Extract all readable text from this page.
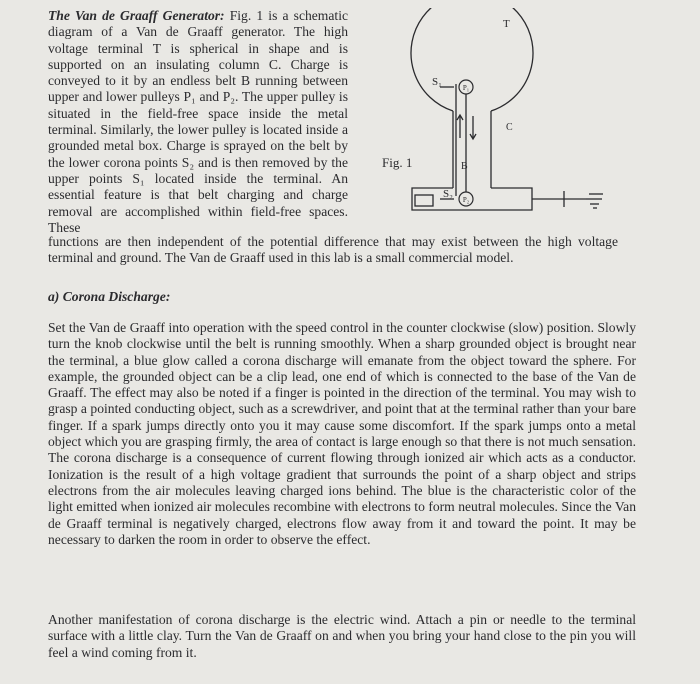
The Van de Graaff Generator: Fig. 1 is a schematic diagram of a Van de Graaff generator. The high voltage terminal T is spherical in shape and is supported on an insulating column C. Charge is conveyed to it by an endless belt B running between upper and lower pulleys P₁ and P₂. The upper pulley is situated in the field-free space inside the metal terminal. Similarly, the lower pulley is located inside a grounded metal box. Charge is sprayed on the belt by the lower corona points S₂ and is then removed by the upper points S₁ located inside the terminal. An essential feature is that belt charging and charge removal are accomplished within field-free spaces. These

P₁
P₂
T
C
B
S₁
S₂
Fig. 1

functions are then independent of the potential difference that may exist between the high voltage terminal and ground. The Van de Graaff used in this lab is a small commercial model.

a) Corona Discharge:

Set the Van de Graaff into operation with the speed control in the counter clockwise (slow) position. Slowly turn the knob clockwise until the belt is running smoothly. When a sharp grounded object is brought near the terminal, a blue glow called a corona discharge will emanate from the object toward the sphere. For example, the grounded object can be a clip lead, one end of which is connected to the base of the Van de Graaff. The effect may also be noted if a finger is pointed in the direction of the terminal. You may wish to grasp a pointed conducting object, such as a screwdriver, and point that at the terminal rather than your bare finger. If a spark jumps directly onto you it may cause some discomfort. If the spark jumps onto a metal object which you are grasping firmly, the area of contact is large enough so that there is not much sensation. The corona discharge is a consequence of current flowing through ionized air which acts as a conductor. Ionization is the result of a high voltage gradient that surrounds the point of a sharp object and strips electrons from the air molecules leaving charged ions behind. The blue is the characteristic color of the light emitted when ionized air molecules recombine with electrons to form neutral molecules. Since the Van de Graaff terminal is negatively charged, electrons flow away from it and toward the point. It may be necessary to darken the room in order to observe the effect.

Another manifestation of corona discharge is the electric wind. Attach a pin or needle to the terminal surface with a little clay. Turn the Van de Graaff on and when you bring your hand close to the pin you will feel a wind coming from it.
